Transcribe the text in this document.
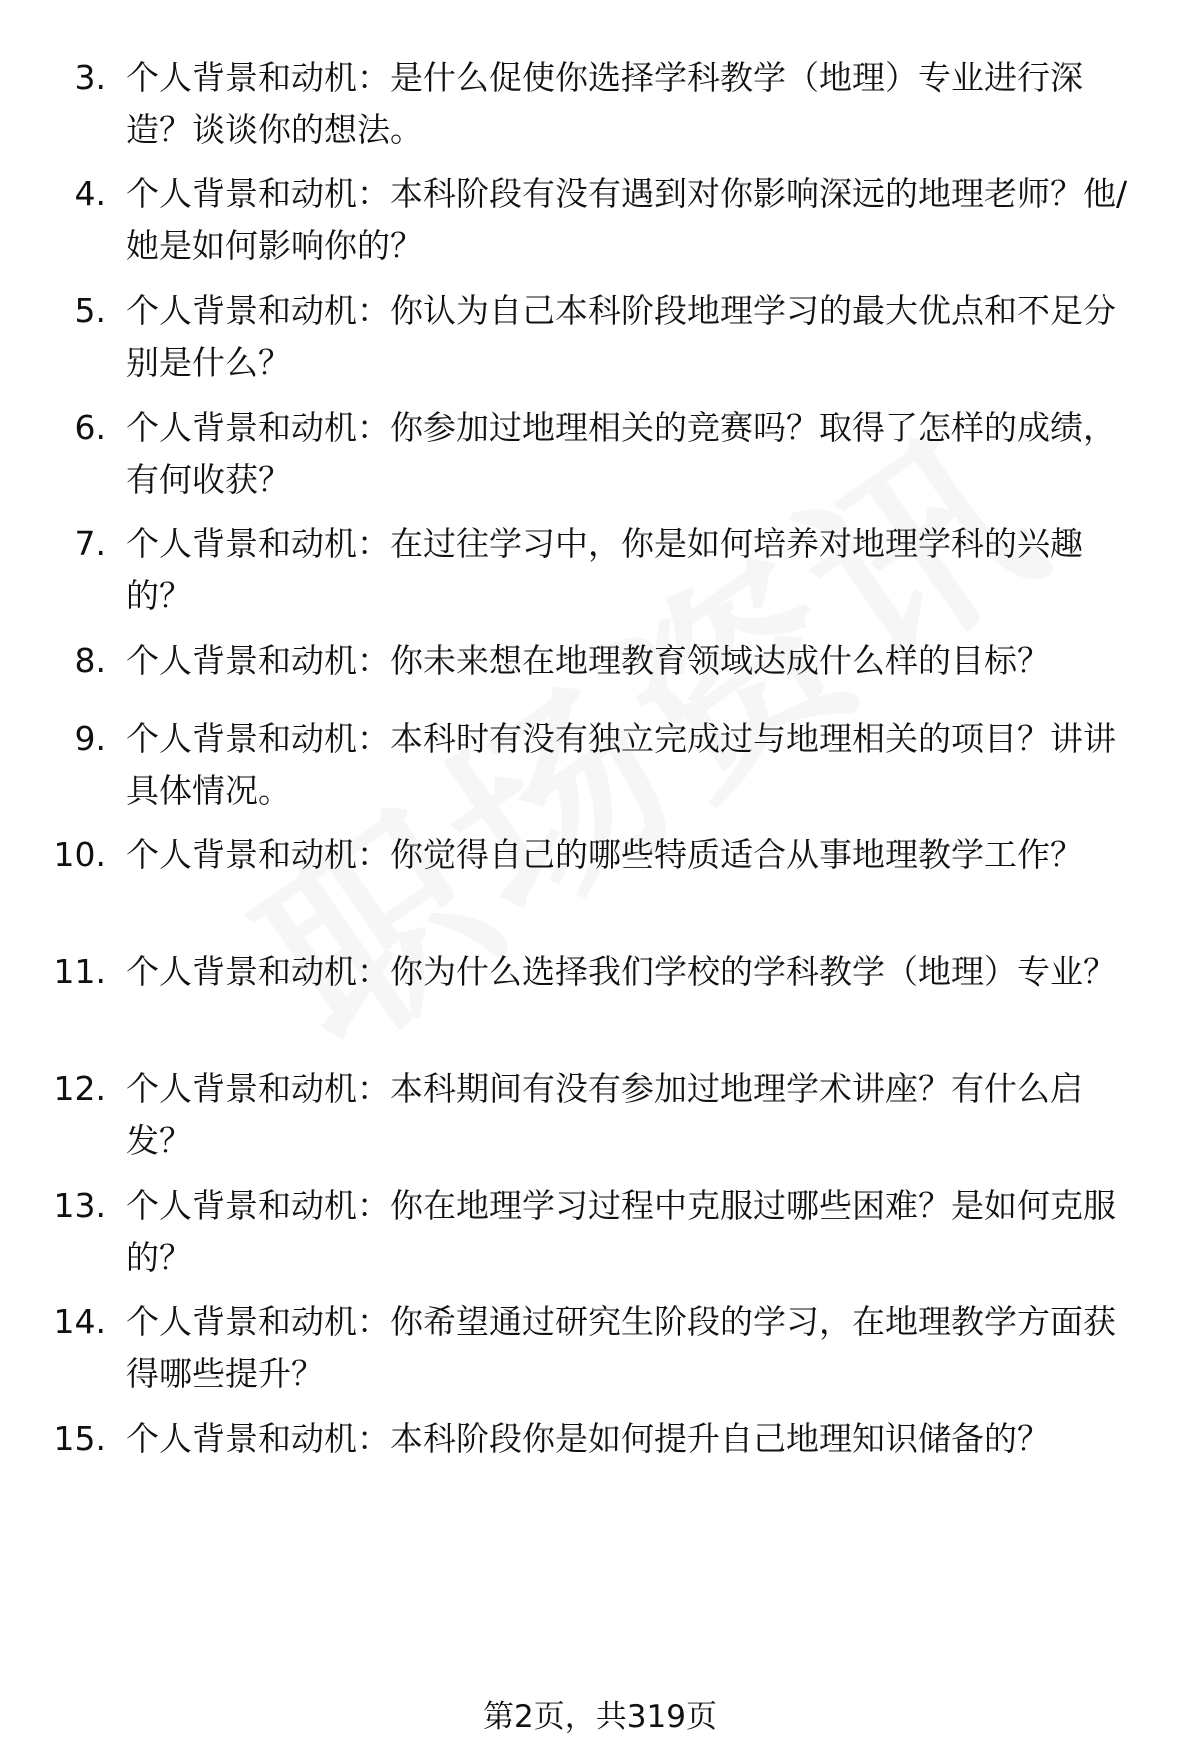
3. 个人背景和动机：是什么促使你选择学科教学（地理）专业进行深造？谈谈你的想法。
4. 个人背景和动机：本科阶段有没有遇到对你影响深远的地理老师？他/她是如何影响你的？
5. 个人背景和动机：你认为自己本科阶段地理学习的最大优点和不足分别是什么？
6. 个人背景和动机：你参加过地理相关的竞赛吗？取得了怎样的成绩，有何收获？
7. 个人背景和动机：在过往学习中，你是如何培养对地理学科的兴趣的？
8. 个人背景和动机：你未来想在地理教育领域达成什么样的目标？
9. 个人背景和动机：本科时有没有独立完成过与地理相关的项目？讲讲具体情况。
10. 个人背景和动机：你觉得自己的哪些特质适合从事地理教学工作？
11. 个人背景和动机：你为什么选择我们学校的学科教学（地理）专业？
12. 个人背景和动机：本科期间有没有参加过地理学术讲座？有什么启发？
13. 个人背景和动机：你在地理学习过程中克服过哪些困难？是如何克服的？
14. 个人背景和动机：你希望通过研究生阶段的学习，在地理教学方面获得哪些提升？
15. 个人背景和动机：本科阶段你是如何提升自己地理知识储备的？
第2页，共319页
